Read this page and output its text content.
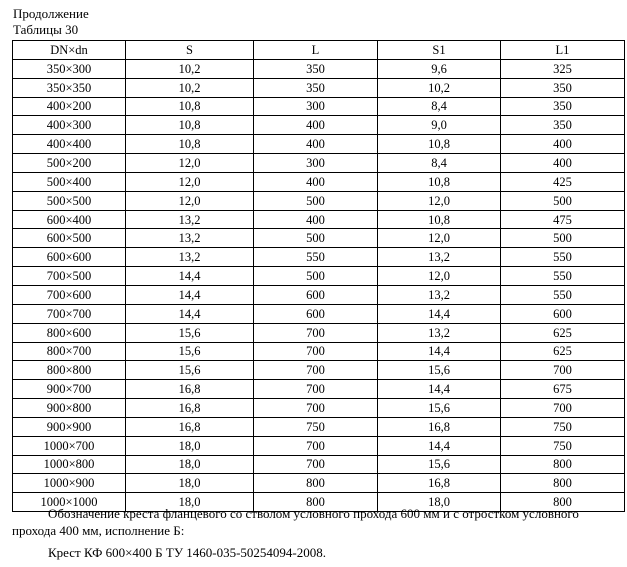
Продолжение
Таблицы 30
DN×dn	S	L	S1	L1
350×300	10,2	350	9,6	325
350×350	10,2	350	10,2	350
400×200	10,8	300	8,4	350
400×300	10,8	400	9,0	350
400×400	10,8	400	10,8	400
500×200	12,0	300	8,4	400
500×400	12,0	400	10,8	425
500×500	12,0	500	12,0	500
600×400	13,2	400	10,8	475
600×500	13,2	500	12,0	500
600×600	13,2	550	13,2	550
700×500	14,4	500	12,0	550
700×600	14,4	600	13,2	550
700×700	14,4	600	14,4	600
800×600	15,6	700	13,2	625
800×700	15,6	700	14,4	625
800×800	15,6	700	15,6	700
900×700	16,8	700	14,4	675
900×800	16,8	700	15,6	700
900×900	16,8	750	16,8	750
1000×700	18,0	700	14,4	750
1000×800	18,0	700	15,6	800
1000×900	18,0	800	16,8	800
1000×1000	18,0	800	18,0	800
Обозначение креста фланцевого со стволом условного прохода 600 мм и с отростком условного прохода 400 мм, исполнение Б:
Крест КФ 600×400 Б ТУ 1460-035-50254094-2008.
